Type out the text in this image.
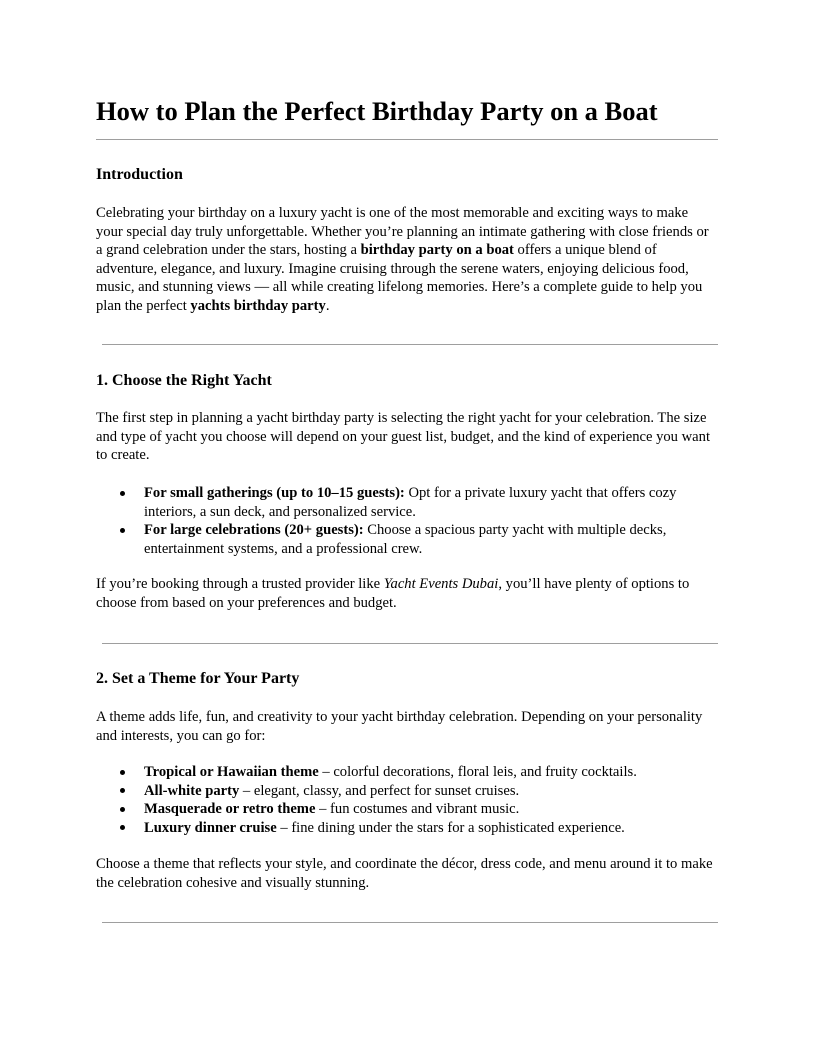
How to Plan the Perfect Birthday Party on a Boat
Introduction

Celebrating your birthday on a luxury yacht is one of the most memorable and exciting ways to make your special day truly unforgettable. Whether you’re planning an intimate gathering with close friends or a grand celebration under the stars, hosting a birthday party on a boat offers a unique blend of adventure, elegance, and luxury. Imagine cruising through the serene waters, enjoying delicious food, music, and stunning views — all while creating lifelong memories. Here’s a complete guide to help you plan the perfect yachts birthday party.

1. Choose the Right Yacht

The first step in planning a yacht birthday party is selecting the right yacht for your celebration. The size and type of yacht you choose will depend on your guest list, budget, and the kind of experience you want to create.

For small gatherings (up to 10–15 guests): Opt for a private luxury yacht that offers cozy interiors, a sun deck, and personalized service.
For large celebrations (20+ guests): Choose a spacious party yacht with multiple decks, entertainment systems, and a professional crew.

If you’re booking through a trusted provider like Yacht Events Dubai, you’ll have plenty of options to choose from based on your preferences and budget.

2. Set a Theme for Your Party

A theme adds life, fun, and creativity to your yacht birthday celebration. Depending on your personality and interests, you can go for:

Tropical or Hawaiian theme – colorful decorations, floral leis, and fruity cocktails.
All-white party – elegant, classy, and perfect for sunset cruises.
Masquerade or retro theme – fun costumes and vibrant music.
Luxury dinner cruise – fine dining under the stars for a sophisticated experience.

Choose a theme that reflects your style, and coordinate the décor, dress code, and menu around it to make the celebration cohesive and visually stunning.
